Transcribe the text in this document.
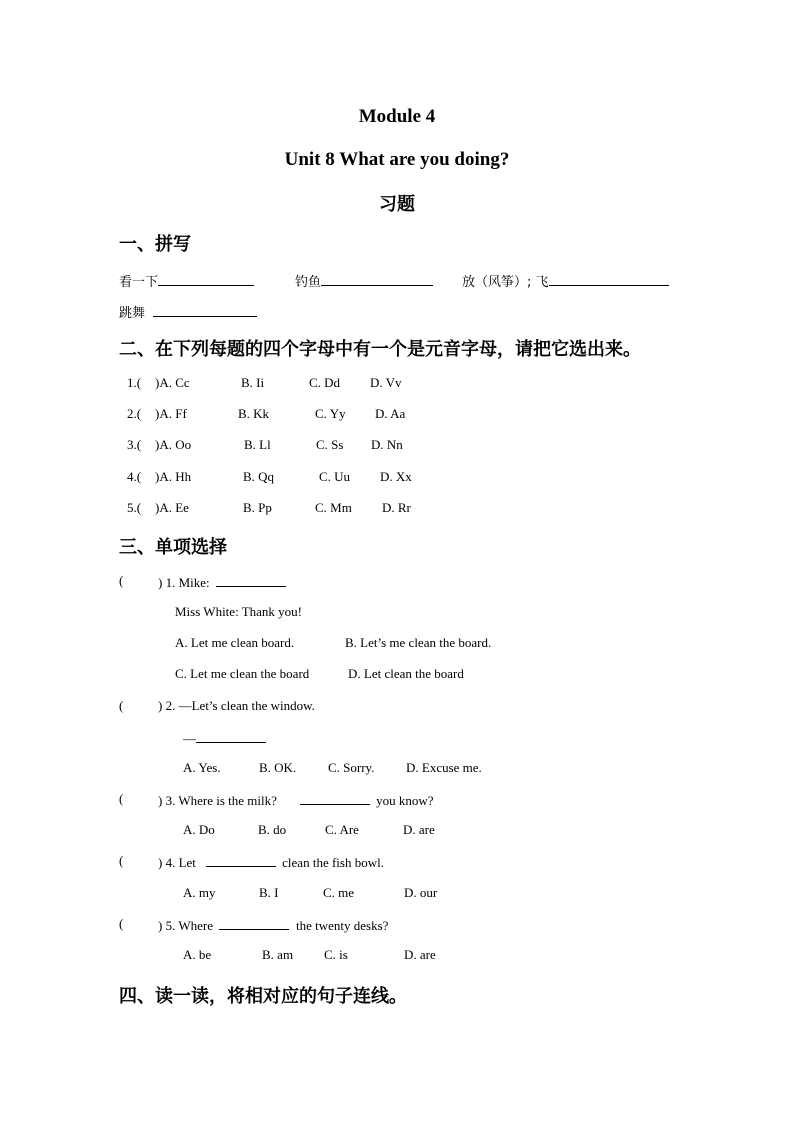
Module 4
Unit 8 What are you doing?
习题
一、拼写
看一下	钓鱼	放（风筝）; 飞
跳舞
二、在下列每题的四个字母中有一个是元音字母，请把它选出来。
1.( )A. Cc	B. Ii	C. Dd D. Vv
2.( )A. Ff	B. Kk	C. Yy D. Aa
3.( )A. Oo	B. Ll	C. Ss D. Nn
4.( )A. Hh	B. Qq	C. Uu D. Xx
5.( )A. Ee	B. Pp	C. Mm D. Rr
三、单项选择
(	) 1. Mike:
Miss White: Thank you!
A. Let me clean board.	B. Let’s me clean the board.
C. Let me clean the board	D. Let clean the board
(	) 2. —Let’s clean the window.
—
A. Yes.	B. OK. C. Sorry. D. Excuse me.
(	) 3. Where is the milk?	you know?
A. Do	B. do	C. Are	D. are
(	) 4. Let	clean the fish bowl.
A. my	B. I	C. me	D. our
(	) 5. Where	the twenty desks?
A. be	B. am C. is	D. are
四、读一读，将相对应的句子连线。
